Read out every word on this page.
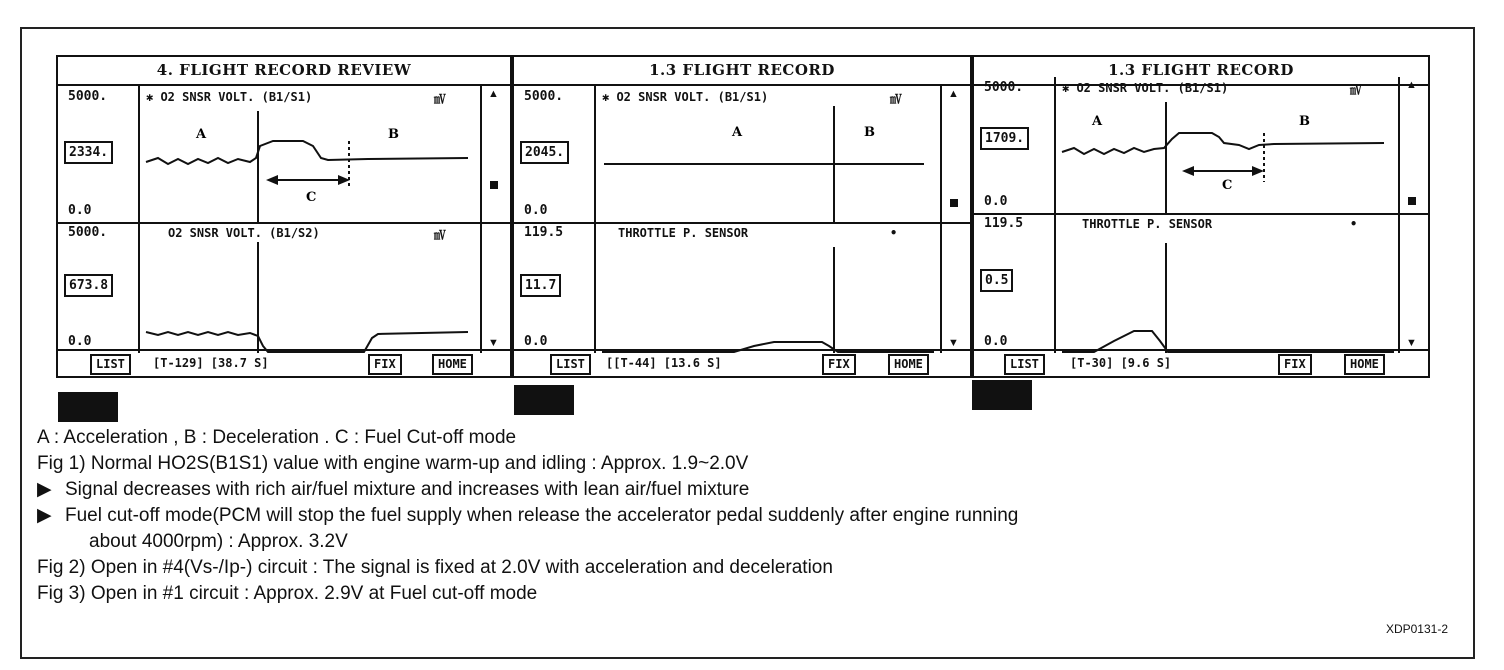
4. FLIGHT RECORD REVIEW
5000.
2334.
0.0
✱ O2 SNSR VOLT. (B1/S1)	㎷
A	B
C
▲
5000.
673.8
0.0
O2 SNSR VOLT. (B1/S2)	㎷
▼
LIST	[T-129] [38.7 S]	FIX	HOME
1.3 FLIGHT RECORD
5000.
2045.
0.0
✱ O2 SNSR VOLT. (B1/S1)	㎷
A	B
▲
119.5
11.7
0.0
THROTTLE P. SENSOR	•
▼
LIST	[[T-44] [13.6 S]	FIX	HOME
1.3 FLIGHT RECORD
5000.
1709.
0.0
✱ O2 SNSR VOLT. (B1/S1)	㎷
A	B
C
▲
119.5
0.5
0.0
THROTTLE P. SENSOR	•
▼
LIST	[T-30] [9.6 S]	FIX	HOME
A : Acceleration , B : Deceleration . C : Fuel Cut-off mode
Fig 1) Normal HO2S(B1S1) value with engine warm-up and idling : Approx. 1.9~2.0V
▶ Signal decreases with rich air/fuel mixture and increases with lean air/fuel mixture
▶ Fuel cut-off mode(PCM will stop the fuel supply when release the accelerator pedal suddenly after engine running
about 4000rpm) : Approx. 3.2V
Fig 2) Open in #4(Vs-/Ip-) circuit : The signal is fixed at 2.0V with acceleration and deceleration
Fig 3) Open in #1 circuit : Approx. 2.9V at Fuel cut-off mode
XDP0131-2
